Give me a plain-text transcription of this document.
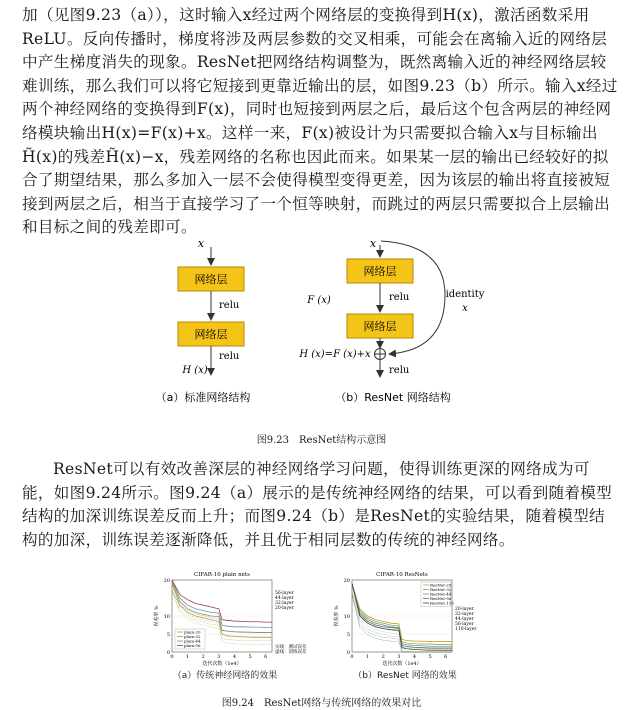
加（见图9.23（a）），这时输入x经过两个网络层的变换得到H(x)，激活函数采用ReLU。反向传播时，梯度将涉及两层参数的交叉相乘，可能会在离输入近的网络层中产生梯度消失的现象。ResNet把网络结构调整为，既然离输入近的神经网络层较难训练，那么我们可以将它短接到更靠近输出的层，如图9.23（b）所示。输入x经过两个神经网络的变换得到F(x)，同时也短接到两层之后，最后这个包含两层的神经网络模块输出H(x)=F(x)+x。这样一来，F(x)被设计为只需要拟合输入x与目标输出H̃(x)的残差H̃(x)−x，残差网络的名称也因此而来。如果某一层的输出已经较好的拟合了期望结果，那么多加入一层不会使得模型变得更差，因为该层的输出将直接被短接到两层之后，相当于直接学习了一个恒等映射，而跳过的两层只需要拟合上层输出和目标之间的残差即可。
x
网络层
relu
网络层
relu
H (x)
x
网络层
relu
F (x)
网络层
identity
x
H (x)=F (x)+x
relu
（a）标准网络结构	（b）ResNet 网络结构
图9.23　ResNet结构示意图
ResNet可以有效改善深层的神经网络学习问题，使得训练更深的网络成为可能，如图9.24所示。图9.24（a）展示的是传统神经网络的结果，可以看到随着模型结构的加深训练误差反而上升；而图9.24（b）是ResNet的实验结果，随着模型结构的加深，训练误差逐渐降低，并且优于相同层数的传统的神经网络。
CIFAR-10 plain nets
0
5
10
20
0 1 2 3 4 5 6
迭代次数（1e4）
误差率 %
plain-20
plain-32
plain-44
plain-56
56-layer
44-layer
32-layer
20-layer
实线：测试误差
虚线：训练误差
CIFAR-10 ResNets
0
5
10
20
0 1 2 3 4 5 6
迭代次数（1e4）
误差率 %
ResNet-20
ResNet-32
ResNet-44
ResNet-56
ResNet-110
20-layer
32-layer
44-layer
56-layer
110-layer
（a）传统神经网络的效果	（b）ResNet 网络的效果
图9.24　ResNet网络与传统网络的效果对比
